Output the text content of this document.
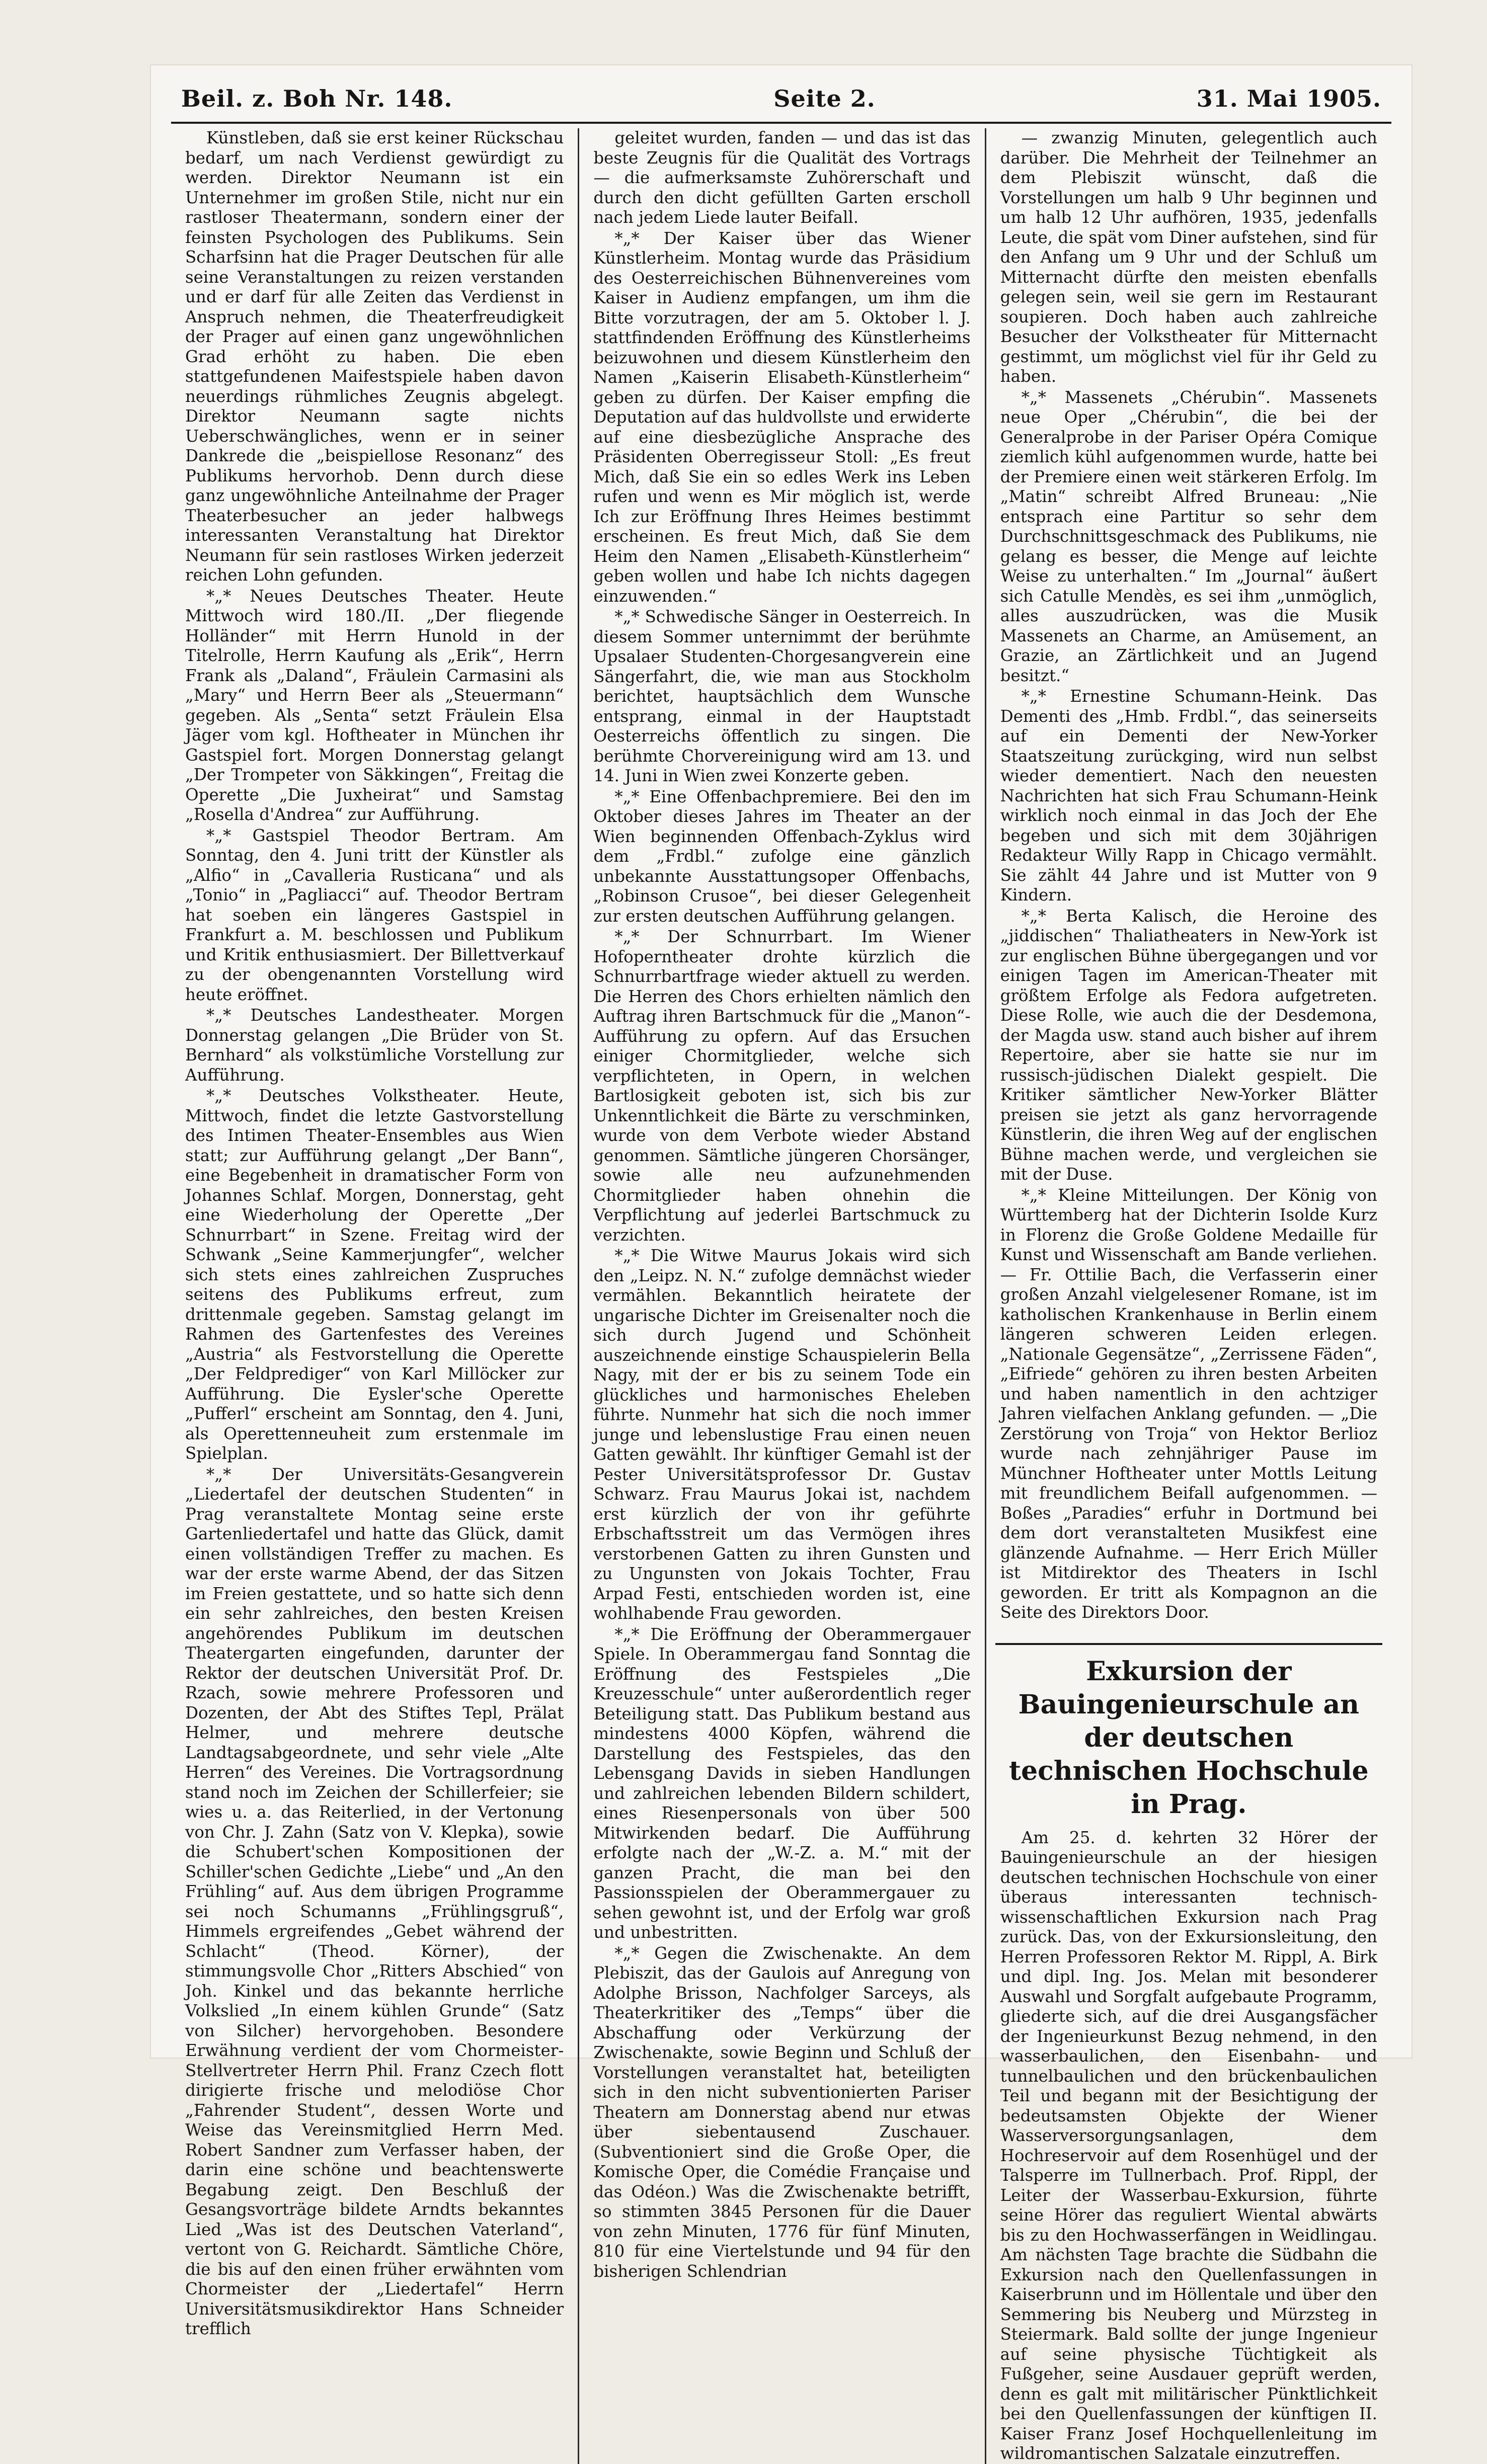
Beil. z. Boh Nr. 148.	Seite 2.	31. Mai 1905.

Künstleben, daß sie erst keiner Rückschau bedarf, um nach Verdienst gewürdigt zu werden. Direktor Neumann ist ein Unternehmer im großen Stile, nicht nur ein rastloser Theatermann, sondern einer der feinsten Psychologen des Publikums. Sein Scharfsinn hat die Prager Deutschen für alle seine Veranstaltungen zu reizen verstanden und er darf für alle Zeiten das Verdienst in Anspruch nehmen, die Theaterfreudigkeit der Prager auf einen ganz ungewöhnlichen Grad erhöht zu haben. Die eben stattgefundenen Maifestspiele haben davon neuerdings rühmliches Zeugnis abgelegt. Direktor Neumann sagte nichts Ueberschwängliches, wenn er in seiner Dankrede die „beispiellose Resonanz“ des Publikums hervorhob. Denn durch diese ganz ungewöhnliche Anteilnahme der Prager Theaterbesucher an jeder halbwegs interessanten Veranstaltung hat Direktor Neumann für sein rastloses Wirken jederzeit reichen Lohn gefunden.

*„* Neues Deutsches Theater. Heute Mittwoch wird 180./II. „Der fliegende Holländer“ mit Herrn Hunold in der Titelrolle, Herrn Kaufung als „Erik“, Herrn Frank als „Daland“, Fräulein Carmasini als „Mary“ und Herrn Beer als „Steuermann“ gegeben. Als „Senta“ setzt Fräulein Elsa Jäger vom kgl. Hoftheater in München ihr Gastspiel fort. Morgen Donnerstag gelangt „Der Trompeter von Säkkingen“, Freitag die Operette „Die Juxheirat“ und Samstag „Rosella d'Andrea“ zur Aufführung.

*„* Gastspiel Theodor Bertram. Am Sonntag, den 4. Juni tritt der Künstler als „Alfio“ in „Cavalleria Rusticana“ und als „Tonio“ in „Pagliacci“ auf. Theodor Bertram hat soeben ein längeres Gastspiel in Frankfurt a. M. beschlossen und Publikum und Kritik enthusiasmiert. Der Billettverkauf zu der obengenannten Vorstellung wird heute eröffnet.

*„* Deutsches Landestheater. Morgen Donnerstag gelangen „Die Brüder von St. Bernhard“ als volkstümliche Vorstellung zur Aufführung.

*„* Deutsches Volkstheater. Heute, Mittwoch, findet die letzte Gastvorstellung des Intimen Theater-Ensembles aus Wien statt; zur Aufführung gelangt „Der Bann“, eine Begebenheit in dramatischer Form von Johannes Schlaf. Morgen, Donnerstag, geht eine Wiederholung der Operette „Der Schnurrbart“ in Szene. Freitag wird der Schwank „Seine Kammerjungfer“, welcher sich stets eines zahlreichen Zuspruches seitens des Publikums erfreut, zum drittenmale gegeben. Samstag gelangt im Rahmen des Gartenfestes des Vereines „Austria“ als Festvorstellung die Operette „Der Feldprediger“ von Karl Millöcker zur Aufführung. Die Eysler'sche Operette „Pufferl“ erscheint am Sonntag, den 4. Juni, als Operettenneuheit zum erstenmale im Spielplan.

*„* Der Universitäts-Gesangverein „Liedertafel der deutschen Studenten“ in Prag veranstaltete Montag seine erste Gartenliedertafel und hatte das Glück, damit einen vollständigen Treffer zu machen. Es war der erste warme Abend, der das Sitzen im Freien gestattete, und so hatte sich denn ein sehr zahlreiches, den besten Kreisen angehörendes Publikum im deutschen Theatergarten eingefunden, darunter der Rektor der deutschen Universität Prof. Dr. Rzach, sowie mehrere Professoren und Dozenten, der Abt des Stiftes Tepl, Prälat Helmer, und mehrere deutsche Landtagsabgeordnete, und sehr viele „Alte Herren“ des Vereines. Die Vortragsordnung stand noch im Zeichen der Schillerfeier; sie wies u. a. das Reiterlied, in der Vertonung von Chr. J. Zahn (Satz von V. Klepka), sowie die Schubert'schen Kompositionen der Schiller'schen Gedichte „Liebe“ und „An den Frühling“ auf. Aus dem übrigen Programme sei noch Schumanns „Frühlingsgruß“, Himmels ergreifendes „Gebet während der Schlacht“ (Theod. Körner), der stimmungsvolle Chor „Ritters Abschied“ von Joh. Kinkel und das bekannte herrliche Volkslied „In einem kühlen Grunde“ (Satz von Silcher) hervorgehoben. Besondere Erwähnung verdient der vom Chormeister-Stellvertreter Herrn Phil. Franz Czech flott dirigierte frische und melodiöse Chor „Fahrender Student“, dessen Worte und Weise das Vereinsmitglied Herrn Med. Robert Sandner zum Verfasser haben, der darin eine schöne und beachtenswerte Begabung zeigt. Den Beschluß der Gesangsvorträge bildete Arndts bekanntes Lied „Was ist des Deutschen Vaterland“, vertont von G. Reichardt. Sämtliche Chöre, die bis auf den einen früher erwähnten vom Chormeister der „Liedertafel“ Herrn Universitätsmusikdirektor Hans Schneider trefflich

geleitet wurden, fanden — und das ist das beste Zeugnis für die Qualität des Vortrags — die aufmerksamste Zuhörerschaft und durch den dicht gefüllten Garten erscholl nach jedem Liede lauter Beifall.

*„* Der Kaiser über das Wiener Künstlerheim. Montag wurde das Präsidium des Oesterreichischen Bühnenvereines vom Kaiser in Audienz empfangen, um ihm die Bitte vorzutragen, der am 5. Oktober l. J. stattfindenden Eröffnung des Künstlerheims beizuwohnen und diesem Künstlerheim den Namen „Kaiserin Elisabeth-Künstlerheim“ geben zu dürfen. Der Kaiser empfing die Deputation auf das huldvollste und erwiderte auf eine diesbezügliche Ansprache des Präsidenten Oberregisseur Stoll: „Es freut Mich, daß Sie ein so edles Werk ins Leben rufen und wenn es Mir möglich ist, werde Ich zur Eröffnung Ihres Heimes bestimmt erscheinen. Es freut Mich, daß Sie dem Heim den Namen „Elisabeth-Künstlerheim“ geben wollen und habe Ich nichts dagegen einzuwenden.“

*„* Schwedische Sänger in Oesterreich. In diesem Sommer unternimmt der berühmte Upsalaer Studenten-Chorgesangverein eine Sängerfahrt, die, wie man aus Stockholm berichtet, hauptsächlich dem Wunsche entsprang, einmal in der Hauptstadt Oesterreichs öffentlich zu singen. Die berühmte Chorvereinigung wird am 13. und 14. Juni in Wien zwei Konzerte geben.

*„* Eine Offenbachpremiere. Bei den im Oktober dieses Jahres im Theater an der Wien beginnenden Offenbach-Zyklus wird dem „Frdbl.“ zufolge eine gänzlich unbekannte Ausstattungsoper Offenbachs, „Robinson Crusoe“, bei dieser Gelegenheit zur ersten deutschen Aufführung gelangen.

*„* Der Schnurrbart. Im Wiener Hofoperntheater drohte kürzlich die Schnurrbartfrage wieder aktuell zu werden. Die Herren des Chors erhielten nämlich den Auftrag ihren Bartschmuck für die „Manon“-Aufführung zu opfern. Auf das Ersuchen einiger Chormitglieder, welche sich verpflichteten, in Opern, in welchen Bartlosigkeit geboten ist, sich bis zur Unkenntlichkeit die Bärte zu verschminken, wurde von dem Verbote wieder Abstand genommen. Sämtliche jüngeren Chorsänger, sowie alle neu aufzunehmenden Chormitglieder haben ohnehin die Verpflichtung auf jederlei Bartschmuck zu verzichten.

*„* Die Witwe Maurus Jokais wird sich den „Leipz. N. N.“ zufolge demnächst wieder vermählen. Bekanntlich heiratete der ungarische Dichter im Greisenalter noch die sich durch Jugend und Schönheit auszeichnende einstige Schauspielerin Bella Nagy, mit der er bis zu seinem Tode ein glückliches und harmonisches Eheleben führte. Nunmehr hat sich die noch immer junge und lebenslustige Frau einen neuen Gatten gewählt. Ihr künftiger Gemahl ist der Pester Universitätsprofessor Dr. Gustav Schwarz. Frau Maurus Jokai ist, nachdem erst kürzlich der von ihr geführte Erbschaftsstreit um das Vermögen ihres verstorbenen Gatten zu ihren Gunsten und zu Ungunsten von Jokais Tochter, Frau Arpad Festi, entschieden worden ist, eine wohlhabende Frau geworden.

*„* Die Eröffnung der Oberammergauer Spiele. In Oberammergau fand Sonntag die Eröffnung des Festspieles „Die Kreuzesschule“ unter außerordentlich reger Beteiligung statt. Das Publikum bestand aus mindestens 4000 Köpfen, während die Darstellung des Festspieles, das den Lebensgang Davids in sieben Handlungen und zahlreichen lebenden Bildern schildert, eines Riesenpersonals von über 500 Mitwirkenden bedarf. Die Aufführung erfolgte nach der „W.-Z. a. M.“ mit der ganzen Pracht, die man bei den Passionsspielen der Oberammergauer zu sehen gewohnt ist, und der Erfolg war groß und unbestritten.

*„* Gegen die Zwischenakte. An dem Plebiszit, das der Gaulois auf Anregung von Adolphe Brisson, Nachfolger Sarceys, als Theaterkritiker des „Temps“ über die Abschaffung oder Verkürzung der Zwischenakte, sowie Beginn und Schluß der Vorstellungen veranstaltet hat, beteiligten sich in den nicht subventionierten Pariser Theatern am Donnerstag abend nur etwas über siebentausend Zuschauer. (Subventioniert sind die Große Oper, die Komische Oper, die Comédie Française und das Odéon.) Was die Zwischenakte betrifft, so stimmten 3845 Personen für die Dauer von zehn Minuten, 1776 für fünf Minuten, 810 für eine Viertelstunde und 94 für den bisherigen Schlendrian

— zwanzig Minuten, gelegentlich auch darüber. Die Mehrheit der Teilnehmer an dem Plebiszit wünscht, daß die Vorstellungen um halb 9 Uhr beginnen und um halb 12 Uhr aufhören, 1935, jedenfalls Leute, die spät vom Diner aufstehen, sind für den Anfang um 9 Uhr und der Schluß um Mitternacht dürfte den meisten ebenfalls gelegen sein, weil sie gern im Restaurant soupieren. Doch haben auch zahlreiche Besucher der Volkstheater für Mitternacht gestimmt, um möglichst viel für ihr Geld zu haben.

*„* Massenets „Chérubin“. Massenets neue Oper „Chérubin“, die bei der Generalprobe in der Pariser Opéra Comique ziemlich kühl aufgenommen wurde, hatte bei der Premiere einen weit stärkeren Erfolg. Im „Matin“ schreibt Alfred Bruneau: „Nie entsprach eine Partitur so sehr dem Durchschnittsgeschmack des Publikums, nie gelang es besser, die Menge auf leichte Weise zu unterhalten.“ Im „Journal“ äußert sich Catulle Mendès, es sei ihm „unmöglich, alles auszudrücken, was die Musik Massenets an Charme, an Amüsement, an Grazie, an Zärtlichkeit und an Jugend besitzt.“

*„* Ernestine Schumann-Heink. Das Dementi des „Hmb. Frdbl.“, das seinerseits auf ein Dementi der New-Yorker Staatszeitung zurückging, wird nun selbst wieder dementiert. Nach den neuesten Nachrichten hat sich Frau Schumann-Heink wirklich noch einmal in das Joch der Ehe begeben und sich mit dem 30jährigen Redakteur Willy Rapp in Chicago vermählt. Sie zählt 44 Jahre und ist Mutter von 9 Kindern.

*„* Berta Kalisch, die Heroine des „jiddischen“ Thaliatheaters in New-York ist zur englischen Bühne übergegangen und vor einigen Tagen im American-Theater mit größtem Erfolge als Fedora aufgetreten. Diese Rolle, wie auch die der Desdemona, der Magda usw. stand auch bisher auf ihrem Repertoire, aber sie hatte sie nur im russisch-jüdischen Dialekt gespielt. Die Kritiker sämtlicher New-Yorker Blätter preisen sie jetzt als ganz hervorragende Künstlerin, die ihren Weg auf der englischen Bühne machen werde, und vergleichen sie mit der Duse.

*„* Kleine Mitteilungen. Der König von Württemberg hat der Dichterin Isolde Kurz in Florenz die Große Goldene Medaille für Kunst und Wissenschaft am Bande verliehen. — Fr. Ottilie Bach, die Verfasserin einer großen Anzahl vielgelesener Romane, ist im katholischen Krankenhause in Berlin einem längeren schweren Leiden erlegen. „Nationale Gegensätze“, „Zerrissene Fäden“, „Eifriede“ gehören zu ihren besten Arbeiten und haben namentlich in den achtziger Jahren vielfachen Anklang gefunden. — „Die Zerstörung von Troja“ von Hektor Berlioz wurde nach zehnjähriger Pause im Münchner Hoftheater unter Mottls Leitung mit freundlichem Beifall aufgenommen. — Boßes „Paradies“ erfuhr in Dortmund bei dem dort veranstalteten Musikfest eine glänzende Aufnahme. — Herr Erich Müller ist Mitdirektor des Theaters in Ischl geworden. Er tritt als Kompagnon an die Seite des Direktors Door.

Exkursion der Bauingenieurschule an der deutschen technischen Hochschule in Prag.

Am 25. d. kehrten 32 Hörer der Bauingenieurschule an der hiesigen deutschen technischen Hochschule von einer überaus interessanten technisch-wissenschaftlichen Exkursion nach Prag zurück. Das, von der Exkursionsleitung, den Herren Professoren Rektor M. Rippl, A. Birk und dipl. Ing. Jos. Melan mit besonderer Auswahl und Sorgfalt aufgebaute Programm, gliederte sich, auf die drei Ausgangsfächer der Ingenieurkunst Bezug nehmend, in den wasserbaulichen, den Eisenbahn- und tunnelbaulichen und den brückenbaulichen Teil und begann mit der Besichtigung der bedeutsamsten Objekte der Wiener Wasserversorgungsanlagen, dem Hochreservoir auf dem Rosenhügel und der Talsperre im Tullnerbach. Prof. Rippl, der Leiter der Wasserbau-Exkursion, führte seine Hörer das reguliert Wiental abwärts bis zu den Hochwasserfängen in Weidlingau. Am nächsten Tage brachte die Südbahn die Exkursion nach den Quellenfassungen in Kaiserbrunn und im Höllentale und über den Semmering bis Neuberg und Mürzsteg in Steiermark. Bald sollte der junge Ingenieur auf seine physische Tüchtigkeit als Fußgeher, seine Ausdauer geprüft werden, denn es galt mit militärischer Pünktlichkeit bei den Quellenfassungen der künftigen II. Kaiser Franz Josef Hochquellenleitung im wildromantischen Salzatale einzutreffen.
